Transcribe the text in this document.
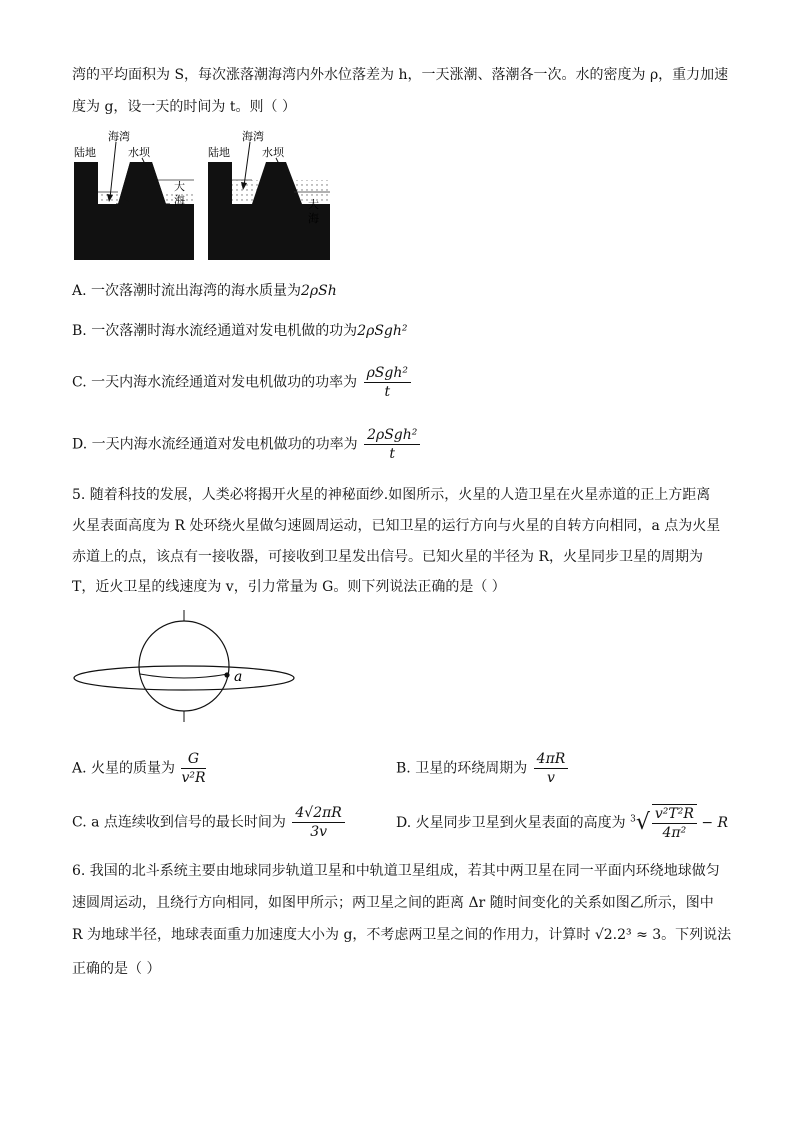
湾的平均面积为 S，每次涨落潮海湾内外水位落差为 h，一天涨潮、落潮各一次。水的密度为 ρ，重力加速
度为 g，设一天的时间为 t。则（ ）
陆地
海湾
水坝
大
海
陆地
海湾
水坝
大
海
A. 一次落潮时流出海湾的海水质量为2ρSh
B. 一次落潮时海水流经通道对发电机做的功为2ρSgh²
C. 一天内海水流经通道对发电机做功的功率为 $\frac{\text{ρSgh²}}{t}$
D. 一天内海水流经通道对发电机做功的功率为 $\frac{\text{2ρSgh²}}{t}$
5. 随着科技的发展，人类必将揭开火星的神秘面纱.如图所示，火星的人造卫星在火星赤道的正上方距离
火星表面高度为 R 处环绕火星做匀速圆周运动，已知卫星的运行方向与火星的自转方向相同，a 点为火星
赤道上的点，该点有一接收器，可接收到卫星发出信号。已知火星的半径为 R，火星同步卫星的周期为
T，近火卫星的线速度为 v，引力常量为 G。则下列说法正确的是（ ）
a
A. 火星的质量为 $\frac{G}{\text{v²R}}$	B. 卫星的环绕周期为 $\frac{4\pi R}{v}$
C. a 点连续收到信号的最长时间为 $\frac{4√2\pi R}{3v}$	D. 火星同步卫星到火星表面的高度为 $^3√ \frac{\text{v²T²R}}{\text{4π²}} - R$
6. 我国的北斗系统主要由地球同步轨道卫星和中轨道卫星组成，若其中两卫星在同一平面内环绕地球做匀
速圆周运动，且绕行方向相同，如图甲所示；两卫星之间的距离 Δr 随时间变化的关系如图乙所示，图中
R 为地球半径，地球表面重力加速度大小为 g，不考虑两卫星之间的作用力，计算时 √2.2³ ≈ 3。下列说法
正确的是（ ）
